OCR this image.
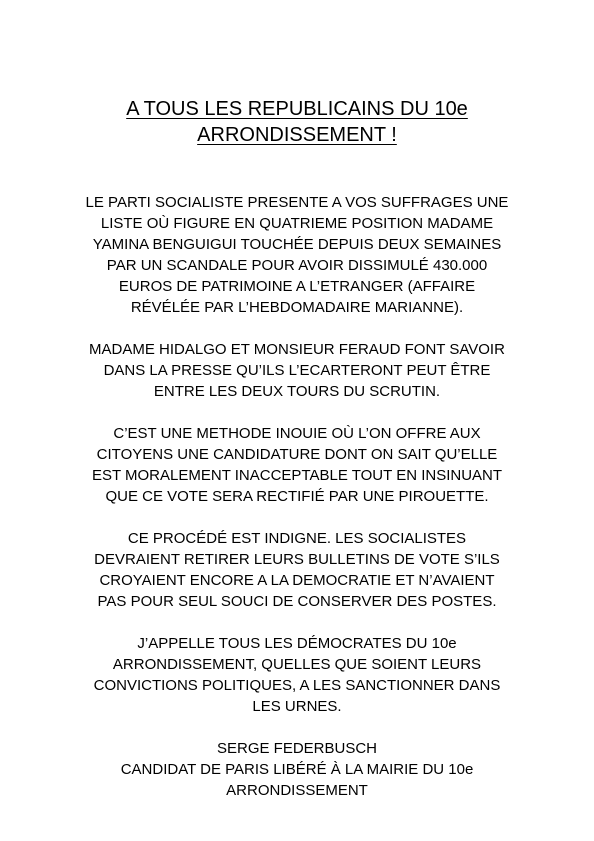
A TOUS LES REPUBLICAINS DU 10e
ARRONDISSEMENT !

LE PARTI SOCIALISTE PRESENTE A VOS SUFFRAGES UNE
LISTE OÙ FIGURE EN QUATRIEME POSITION MADAME
YAMINA BENGUIGUI TOUCHÉE DEPUIS DEUX SEMAINES
PAR UN SCANDALE POUR AVOIR DISSIMULÉ 430.000
EUROS DE PATRIMOINE A L’ETRANGER (AFFAIRE
RÉVÉLÉE PAR L’HEBDOMADAIRE MARIANNE).

MADAME HIDALGO ET MONSIEUR FERAUD FONT SAVOIR
DANS LA PRESSE QU’ILS L’ECARTERONT PEUT ÊTRE
ENTRE LES DEUX TOURS DU SCRUTIN.

C’EST UNE METHODE INOUIE OÙ L’ON OFFRE AUX
CITOYENS UNE CANDIDATURE DONT ON SAIT QU’ELLE
EST MORALEMENT INACCEPTABLE TOUT EN INSINUANT
QUE CE VOTE SERA RECTIFIÉ PAR UNE PIROUETTE.

CE PROCÉDÉ EST INDIGNE. LES SOCIALISTES
DEVRAIENT RETIRER LEURS BULLETINS DE VOTE S’ILS
CROYAIENT ENCORE A LA DEMOCRATIE ET N’AVAIENT
PAS POUR SEUL SOUCI DE CONSERVER DES POSTES.

J’APPELLE TOUS LES DÉMOCRATES DU 10e
ARRONDISSEMENT, QUELLES QUE SOIENT LEURS
CONVICTIONS POLITIQUES, A LES SANCTIONNER DANS
LES URNES.

SERGE FEDERBUSCH
CANDIDAT DE PARIS LIBÉRÉ À LA MAIRIE DU 10e
ARRONDISSEMENT
